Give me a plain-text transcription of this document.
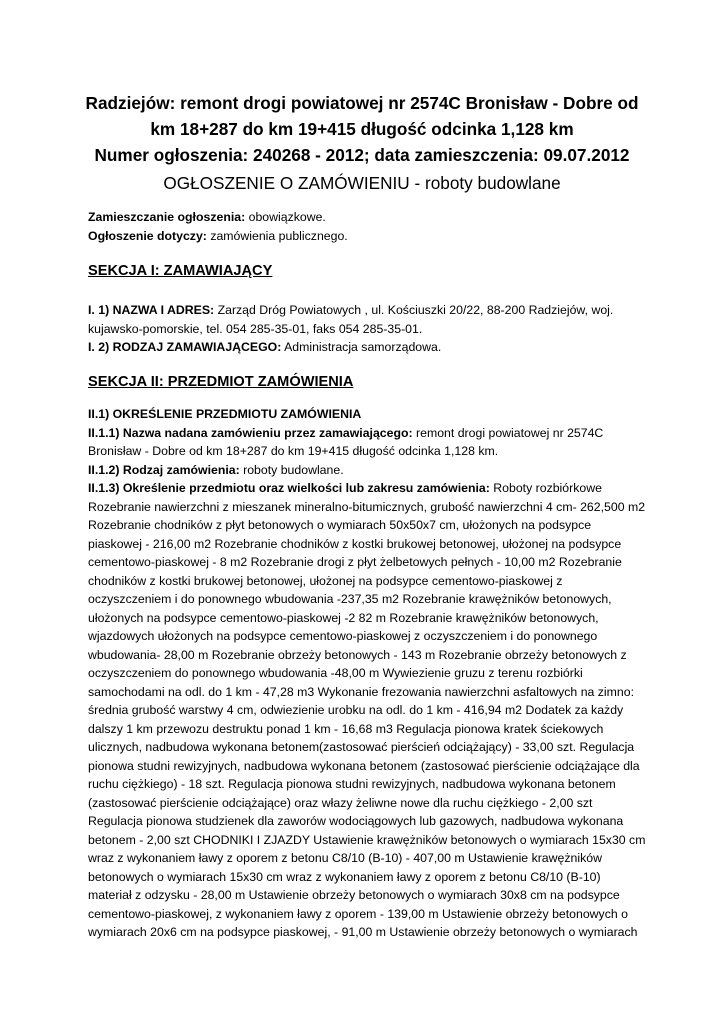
Radziejów: remont drogi powiatowej nr 2574C Bronisław - Dobre od
km 18+287 do km 19+415 długość odcinka 1,128 km
Numer ogłoszenia: 240268 - 2012; data zamieszczenia: 09.07.2012
OGŁOSZENIE O ZAMÓWIENIU - roboty budowlane

Zamieszczanie ogłoszenia: obowiązkowe.

Ogłoszenie dotyczy: zamówienia publicznego.

SEKCJA I: ZAMAWIAJĄCY

I. 1) NAZWA I ADRES: Zarząd Dróg Powiatowych , ul. Kościuszki 20/22, 88-200 Radziejów, woj.

kujawsko-pomorskie, tel. 054 285-35-01, faks 054 285-35-01.

I. 2) RODZAJ ZAMAWIAJĄCEGO: Administracja samorządowa.

SEKCJA II: PRZEDMIOT ZAMÓWIENIA

II.1) OKREŚLENIE PRZEDMIOTU ZAMÓWIENIA

II.1.1) Nazwa nadana zamówieniu przez zamawiającego: remont drogi powiatowej nr 2574C

Bronisław - Dobre od km 18+287 do km 19+415 długość odcinka 1,128 km.

II.1.2) Rodzaj zamówienia: roboty budowlane.

II.1.3) Określenie przedmiotu oraz wielkości lub zakresu zamówienia: Roboty rozbiórkowe

Rozebranie nawierzchni z mieszanek mineralno-bitumicznych, grubość nawierzchni 4 cm- 262,500 m2

Rozebranie chodników z płyt betonowych o wymiarach 50x50x7 cm, ułożonych na podsypce

piaskowej - 216,00 m2 Rozebranie chodników z kostki brukowej betonowej, ułożonej na podsypce

cementowo-piaskowej - 8 m2 Rozebranie drogi z płyt żelbetowych pełnych - 10,00 m2 Rozebranie

chodników z kostki brukowej betonowej, ułożonej na podsypce cementowo-piaskowej z

oczyszczeniem i do ponownego wbudowania -237,35 m2 Rozebranie krawężników betonowych,

ułożonych na podsypce cementowo-piaskowej -2 82 m Rozebranie krawężników betonowych,

wjazdowych ułożonych na podsypce cementowo-piaskowej z oczyszczeniem i do ponownego

wbudowania- 28,00 m Rozebranie obrzeży betonowych - 143 m Rozebranie obrzeży betonowych z

oczyszczeniem do ponownego wbudowania -48,00 m Wywiezienie gruzu z terenu rozbiórki

samochodami na odl. do 1 km - 47,28 m3 Wykonanie frezowania nawierzchni asfaltowych na zimno:

średnia grubość warstwy 4 cm, odwiezienie urobku na odl. do 1 km - 416,94 m2 Dodatek za każdy

dalszy 1 km przewozu destruktu ponad 1 km - 16,68 m3 Regulacja pionowa kratek ściekowych

ulicznych, nadbudowa wykonana betonem(zastosować pierścień odciążający) - 33,00 szt. Regulacja

pionowa studni rewizyjnych, nadbudowa wykonana betonem (zastosować pierścienie odciążające dla

ruchu ciężkiego) - 18 szt. Regulacja pionowa studni rewizyjnych, nadbudowa wykonana betonem

(zastosować pierścienie odciążające) oraz włazy żeliwne nowe dla ruchu ciężkiego - 2,00 szt

Regulacja pionowa studzienek dla zaworów wodociągowych lub gazowych, nadbudowa wykonana

betonem - 2,00 szt CHODNIKI I ZJAZDY Ustawienie krawężników betonowych o wymiarach 15x30 cm

wraz z wykonaniem ławy z oporem z betonu C8/10 (B-10) - 407,00 m Ustawienie krawężników

betonowych o wymiarach 15x30 cm wraz z wykonaniem ławy z oporem z betonu C8/10 (B-10)

materiał z odzysku - 28,00 m Ustawienie obrzeży betonowych o wymiarach 30x8 cm na podsypce

cementowo-piaskowej, z wykonaniem ławy z oporem - 139,00 m Ustawienie obrzeży betonowych o

wymiarach 20x6 cm na podsypce piaskowej, - 91,00 m Ustawienie obrzeży betonowych o wymiarach
